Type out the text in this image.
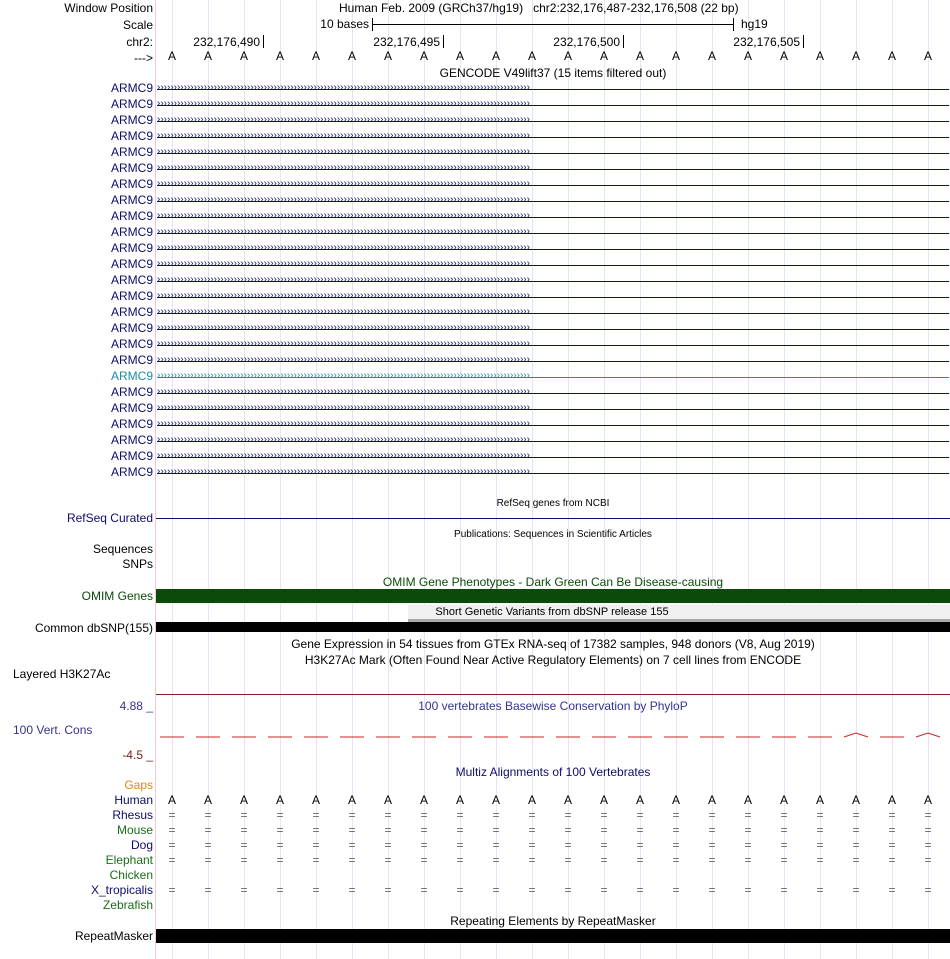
Window Position	Human Feb. 2009 (GRCh37/hg19)   chr2:232,176,487-232,176,508 (22 bp)
Scale	10 bases	hg19
chr2:	232,176,490	232,176,495	232,176,500	232,176,505
--->	A	A	A	A	A	A	A	A	A	A	A	A	A	A	A	A	A	A	A	A	A	A
GENCODE V49lift37 (15 items filtered out)
ARMC9 ››››››››››››››››››››››››››››››››››››››››››››››››››››››››››››››››››››››››››››››››››››››››››››››››››››››››››››››››
ARMC9 ››››››››››››››››››››››››››››››››››››››››››››››››››››››››››››››››››››››››››››››››››››››››››››››››››››››››››››››››
ARMC9 ››››››››››››››››››››››››››››››››››››››››››››››››››››››››››››››››››››››››››››››››››››››››››››››››››››››››››››››››
ARMC9 ››››››››››››››››››››››››››››››››››››››››››››››››››››››››››››››››››››››››››››››››››››››››››››››››››››››››››››››››
ARMC9 ››››››››››››››››››››››››››››››››››››››››››››››››››››››››››››››››››››››››››››››››››››››››››››››››››››››››››››››››
ARMC9 ››››››››››››››››››››››››››››››››››››››››››››››››››››››››››››››››››››››››››››››››››››››››››››››››››››››››››››››››
ARMC9 ››››››››››››››››››››››››››››››››››››››››››››››››››››››››››››››››››››››››››››››››››››››››››››››››››››››››››››››››
ARMC9 ››››››››››››››››››››››››››››››››››››››››››››››››››››››››››››››››››››››››››››››››››››››››››››››››››››››››››››››››
ARMC9 ››››››››››››››››››››››››››››››››››››››››››››››››››››››››››››››››››››››››››››››››››››››››››››››››››››››››››››››››
ARMC9 ››››››››››››››››››››››››››››››››››››››››››››››››››››››››››››››››››››››››››››››››››››››››››››››››››››››››››››››››
ARMC9 ››››››››››››››››››››››››››››››››››››››››››››››››››››››››››››››››››››››››››››››››››››››››››››››››››››››››››››››››
ARMC9 ››››››››››››››››››››››››››››››››››››››››››››››››››››››››››››››››››››››››››››››››››››››››››››››››››››››››››››››››
ARMC9 ››››››››››››››››››››››››››››››››››››››››››››››››››››››››››››››››››››››››››››››››››››››››››››››››››››››››››››››››
ARMC9 ››››››››››››››››››››››››››››››››››››››››››››››››››››››››››››››››››››››››››››››››››››››››››››››››››››››››››››››››
ARMC9 ››››››››››››››››››››››››››››››››››››››››››››››››››››››››››››››››››››››››››››››››››››››››››››››››››››››››››››››››
ARMC9 ››››››››››››››››››››››››››››››››››››››››››››››››››››››››››››››››››››››››››››››››››››››››››››››››››››››››››››››››
ARMC9 ››››››››››››››››››››››››››››››››››››››››››››››››››››››››››››››››››››››››››››››››››››››››››››››››››››››››››››››››
ARMC9 ››››››››››››››››››››››››››››››››››››››››››››››››››››››››››››››››››››››››››››››››››››››››››››››››››››››››››››››››
ARMC9 ››››››››››››››››››››››››››››››››››››››››››››››››››››››››››››››››››››››››››››››››››››››››››››››››››››››››››››››››
ARMC9 ››››››››››››››››››››››››››››››››››››››››››››››››››››››››››››››››››››››››››››››››››››››››››››››››››››››››››››››››
ARMC9 ››››››››››››››››››››››››››››››››››››››››››››››››››››››››››››››››››››››››››››››››››››››››››››››››››››››››››››››››
ARMC9 ››››››››››››››››››››››››››››››››››››››››››››››››››››››››››››››››››››››››››››››››››››››››››››››››››››››››››››››››
ARMC9 ››››››››››››››››››››››››››››››››››››››››››››››››››››››››››››››››››››››››››››››››››››››››››››››››››››››››››››››››
ARMC9 ››››››››››››››››››››››››››››››››››››››››››››››››››››››››››››››››››››››››››››››››››››››››››››››››››››››››››››››››
ARMC9 ››››››››››››››››››››››››››››››››››››››››››››››››››››››››››››››››››››››››››››››››››››››››››››››››››››››››››››››››
RefSeq genes from NCBI
RefSeq Curated
Publications: Sequences in Scientific Articles
Sequences
SNPs
OMIM Gene Phenotypes - Dark Green Can Be Disease-causing
OMIM Genes
Short Genetic Variants from dbSNP release 155
Common dbSNP(155)
Gene Expression in 54 tissues from GTEx RNA-seq of 17382 samples, 948 donors (V8, Aug 2019)
H3K27Ac Mark (Often Found Near Active Regulatory Elements) on 7 cell lines from ENCODE
Layered H3K27Ac
4.88 _	100 vertebrates Basewise Conservation by PhyloP
100 Vert. Cons
-4.5 _
Multiz Alignments of 100 Vertebrates
Gaps
Human	A	A	A	A	A	A	A	A	A	A	A	A	A	A	A	A	A	A	A	A	A	A
Rhesus	=	=	=	=	=	=	=	=	=	=	=	=	=	=	=	=	=	=	=	=	=	=
Mouse	=	=	=	=	=	=	=	=	=	=	=	=	=	=	=	=	=	=	=	=	=	=
Dog	=	=	=	=	=	=	=	=	=	=	=	=	=	=	=	=	=	=	=	=	=	=
Elephant	=	=	=	=	=	=	=	=	=	=	=	=	=	=	=	=	=	=	=	=	=	=
Chicken
X_tropicalis	=	=	=	=	=	=	=	=	=	=	=	=	=	=	=	=	=	=	=	=	=	=
Zebrafish
Repeating Elements by RepeatMasker
RepeatMasker
